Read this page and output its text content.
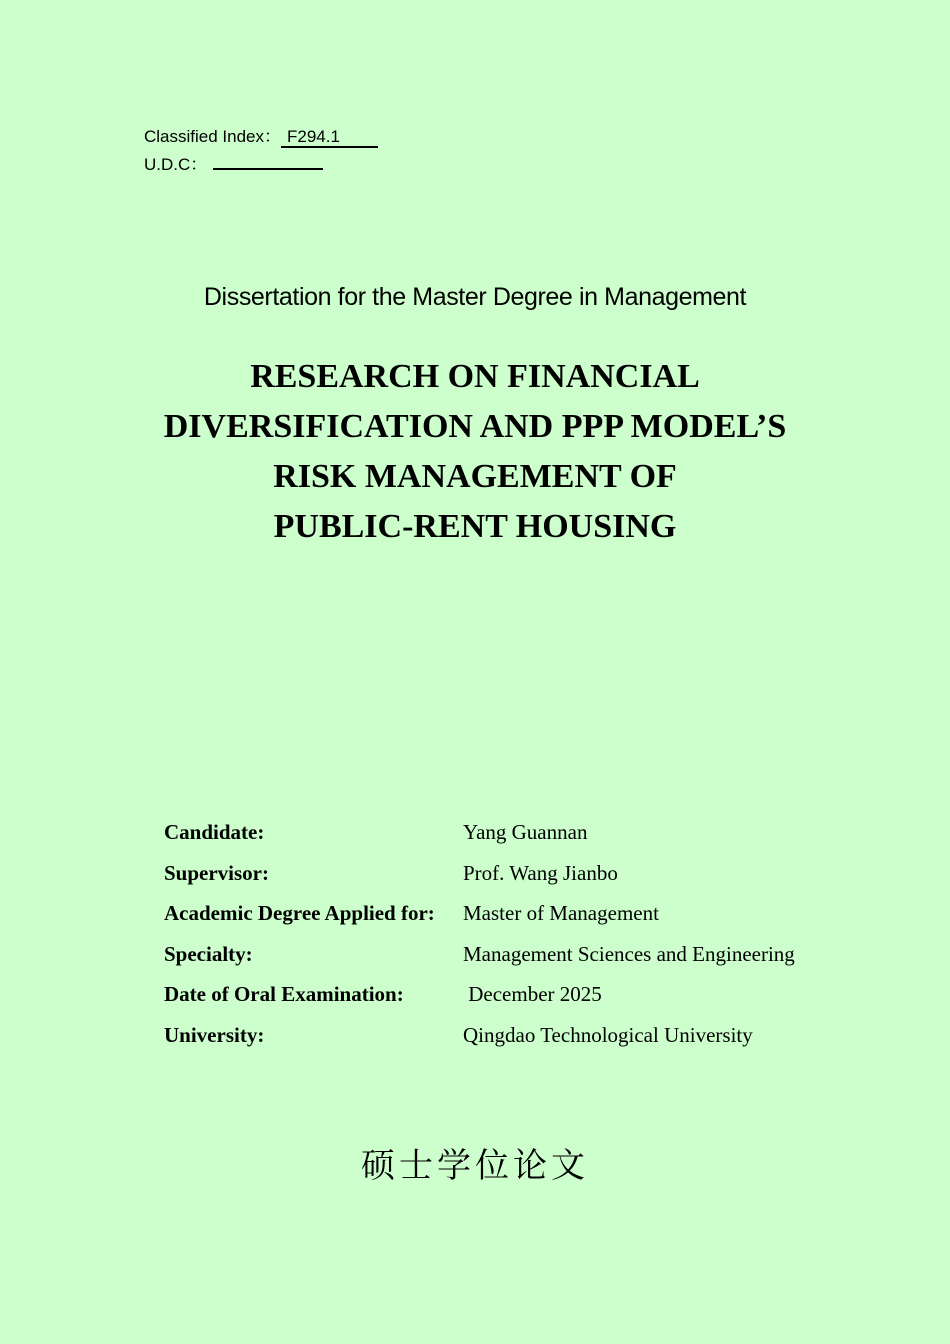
Classified Index： F294.1
U.D.C：
Dissertation for the Master Degree in Management
RESEARCH ON FINANCIAL
DIVERSIFICATION AND PPP MODEL’S
RISK MANAGEMENT OF
PUBLIC-RENT HOUSING
Candidate:	Yang Guannan
Supervisor:	Prof. Wang Jianbo
Academic Degree Applied for:	Master of Management
Specialty:	Management Sciences and Engineering
Date of Oral Examination:	December 2025
University:	Qingdao Technological University
硕士学位论文
